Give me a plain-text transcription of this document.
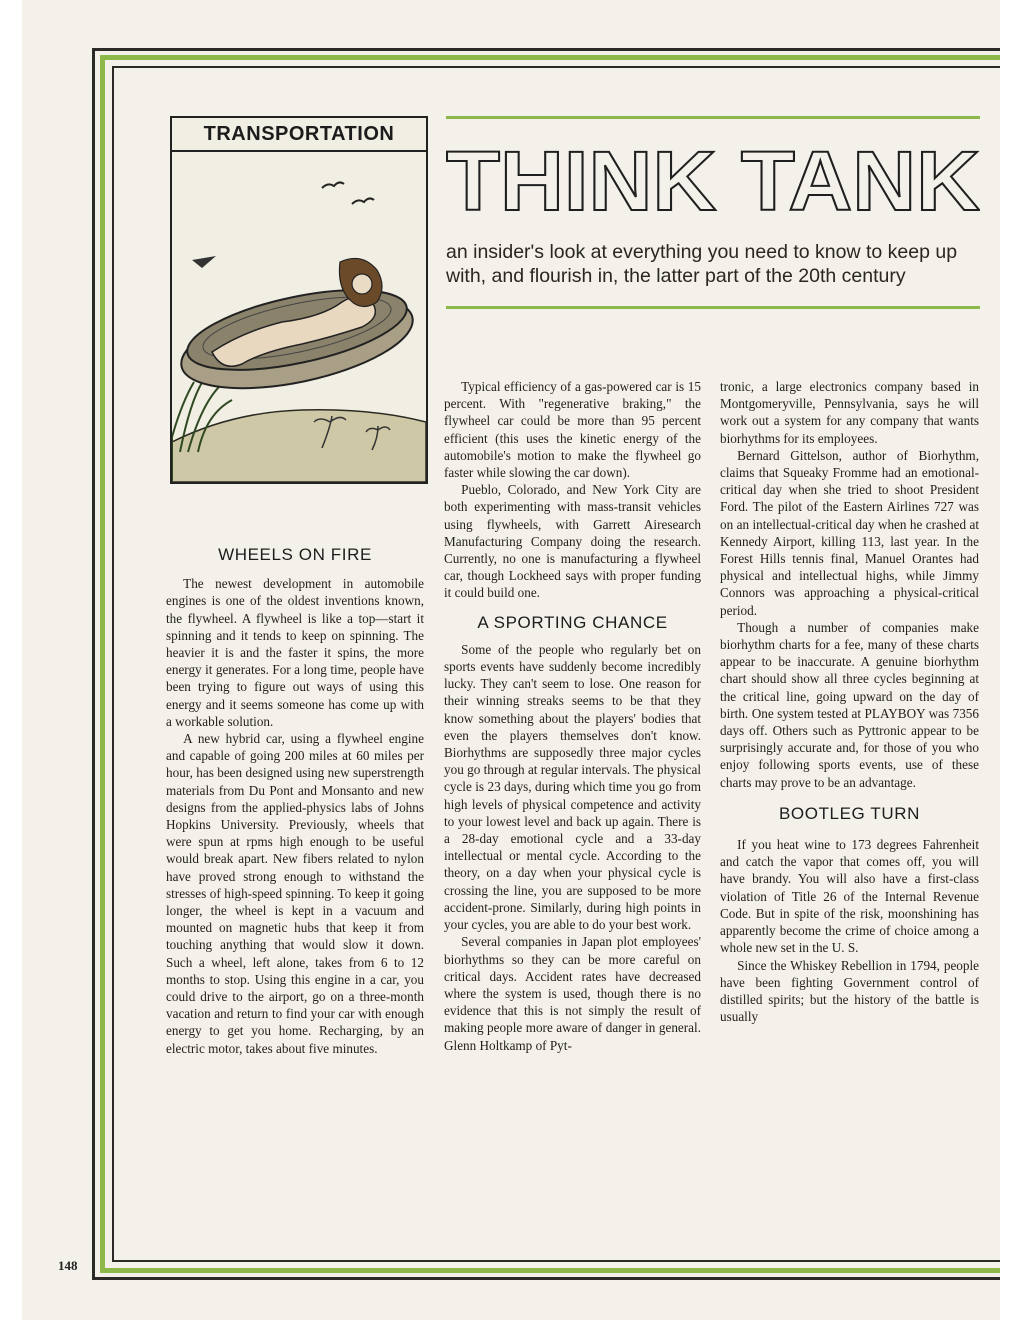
TRANSPORTATION
THINK TANK
an insider's look at everything you need to know to keep up with, and flourish in, the latter part of the 20th century

WHEELS ON FIRE

The newest development in automobile engines is one of the oldest inventions known, the flywheel. A flywheel is like a top—start it spinning and it tends to keep on spinning. The heavier it is and the faster it spins, the more energy it generates. For a long time, people have been trying to figure out ways of using this energy and it seems someone has come up with a workable solution.

A new hybrid car, using a flywheel engine and capable of going 200 miles at 60 miles per hour, has been designed using new superstrength materials from Du Pont and Monsanto and new designs from the applied-physics labs of Johns Hopkins University. Previously, wheels that were spun at rpms high enough to be useful would break apart. New fibers related to nylon have proved strong enough to withstand the stresses of high-speed spinning. To keep it going longer, the wheel is kept in a vacuum and mounted on magnetic hubs that keep it from touching anything that would slow it down. Such a wheel, left alone, takes from 6 to 12 months to stop. Using this engine in a car, you could drive to the airport, go on a three-month vacation and return to find your car with enough energy to get you home. Recharging, by an electric motor, takes about five minutes.

Typical efficiency of a gas-powered car is 15 percent. With "regenerative braking," the flywheel car could be more than 95 percent efficient (this uses the kinetic energy of the automobile's motion to make the flywheel go faster while slowing the car down).

Pueblo, Colorado, and New York City are both experimenting with mass-transit vehicles using flywheels, with Garrett Airesearch Manufacturing Company doing the research. Currently, no one is manufacturing a flywheel car, though Lockheed says with proper funding it could build one.

A SPORTING CHANCE

Some of the people who regularly bet on sports events have suddenly become incredibly lucky. They can't seem to lose. One reason for their winning streaks seems to be that they know something about the players' bodies that even the players themselves don't know. Biorhythms are supposedly three major cycles you go through at regular intervals. The physical cycle is 23 days, during which time you go from high levels of physical competence and activity to your lowest level and back up again. There is a 28-day emotional cycle and a 33-day intellectual or mental cycle. According to the theory, on a day when your physical cycle is crossing the line, you are supposed to be more accident-prone. Similarly, during high points in your cycles, you are able to do your best work.

Several companies in Japan plot employees' biorhythms so they can be more careful on critical days. Accident rates have decreased where the system is used, though there is no evidence that this is not simply the result of making people more aware of danger in general. Glenn Holtkamp of Pyt-

tronic, a large electronics company based in Montgomeryville, Pennsylvania, says he will work out a system for any company that wants biorhythms for its employees.

Bernard Gittelson, author of Biorhythm, claims that Squeaky Fromme had an emotional-critical day when she tried to shoot President Ford. The pilot of the Eastern Airlines 727 was on an intellectual-critical day when he crashed at Kennedy Airport, killing 113, last year. In the Forest Hills tennis final, Manuel Orantes had physical and intellectual highs, while Jimmy Connors was approaching a physical-critical period.

Though a number of companies make biorhythm charts for a fee, many of these charts appear to be inaccurate. A genuine biorhythm chart should show all three cycles beginning at the critical line, going upward on the day of birth. One system tested at PLAYBOY was 7356 days off. Others such as Pyttronic appear to be surprisingly accurate and, for those of you who enjoy following sports events, use of these charts may prove to be an advantage.

BOOTLEG TURN

If you heat wine to 173 degrees Fahrenheit and catch the vapor that comes off, you will have brandy. You will also have a first-class violation of Title 26 of the Internal Revenue Code. But in spite of the risk, moonshining has apparently become the crime of choice among a whole new set in the U. S.

Since the Whiskey Rebellion in 1794, people have been fighting Government control of distilled spirits; but the history of the battle is usually

148
